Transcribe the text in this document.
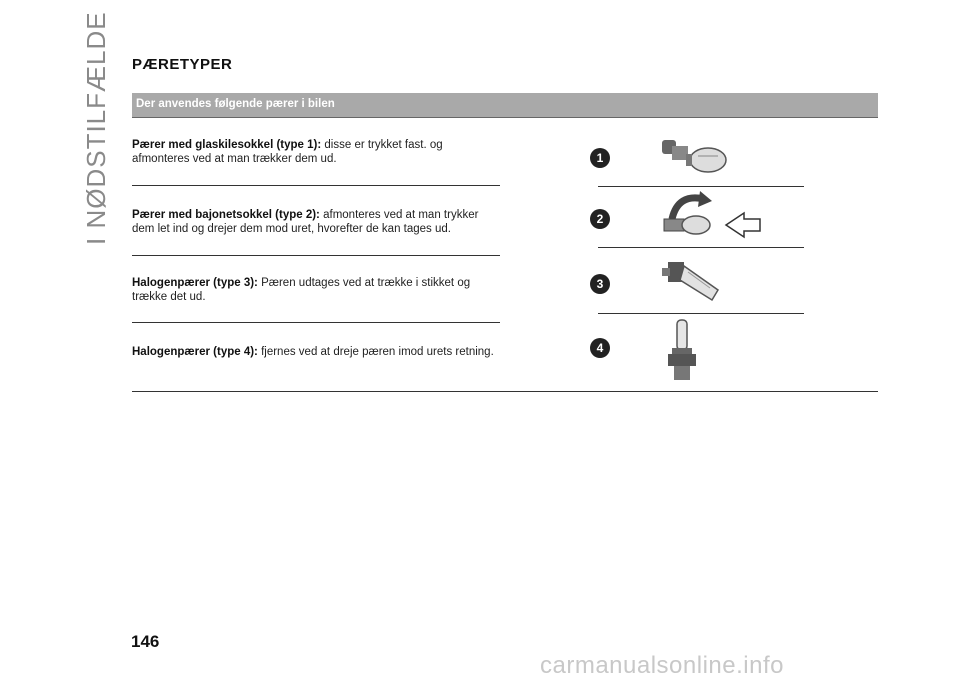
I NØDSTILFÆLDE PÆRETYPER
Der anvendes følgende pærer i bilen
Pærer med glaskilesokkel (type 1): disse er trykket fast. og afmonteres ved at man trækker dem ud.
Pærer med bajonetsokkel (type 2): afmonteres ved at man trykker dem let ind og drejer dem mod uret, hvorefter de kan tages ud.
Halogenpærer (type 3): Pæren udtages ved at trække i stikket og trække det ud.
Halogenpærer (type 4): fjernes ved at dreje pæren imod urets retning.
1
2
3
4
146
carmanualsonline.info
